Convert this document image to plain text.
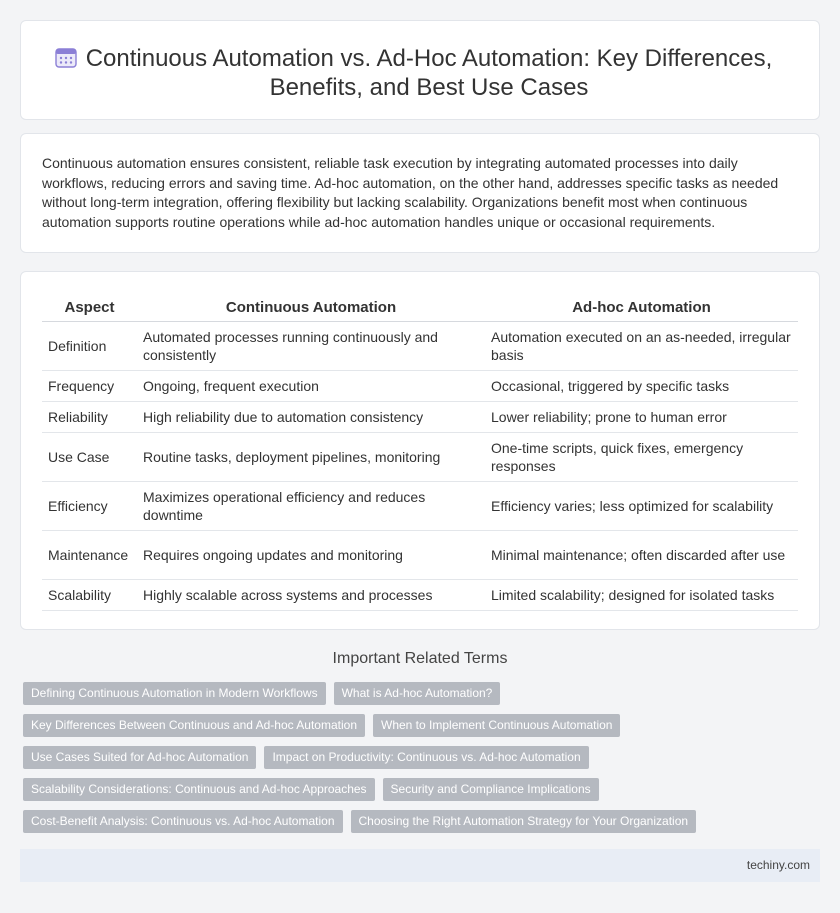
Continuous Automation vs. Ad-Hoc Automation: Key Differences, Benefits, and Best Use Cases

Continuous automation ensures consistent, reliable task execution by integrating automated processes into daily workflows, reducing errors and saving time. Ad-hoc automation, on the other hand, addresses specific tasks as needed without long-term integration, offering flexibility but lacking scalability. Organizations benefit most when continuous automation supports routine operations while ad-hoc automation handles unique or occasional requirements.

Aspect	Continuous Automation	Ad-hoc Automation
Definition	Automated processes running continuously and consistently	Automation executed on an as-needed, irregular basis
Frequency	Ongoing, frequent execution	Occasional, triggered by specific tasks
Reliability	High reliability due to automation consistency	Lower reliability; prone to human error
Use Case	Routine tasks, deployment pipelines, monitoring	One-time scripts, quick fixes, emergency responses
Efficiency	Maximizes operational efficiency and reduces downtime	Efficiency varies; less optimized for scalability
Maintenance	Requires ongoing updates and monitoring	Minimal maintenance; often discarded after use
Scalability	Highly scalable across systems and processes	Limited scalability; designed for isolated tasks
Important Related Terms
Defining Continuous Automation in Modern Workflows	What is Ad-hoc Automation?
Key Differences Between Continuous and Ad-hoc Automation	When to Implement Continuous Automation
Use Cases Suited for Ad-hoc Automation	Impact on Productivity: Continuous vs. Ad-hoc Automation
Scalability Considerations: Continuous and Ad-hoc Approaches	Security and Compliance Implications
Cost-Benefit Analysis: Continuous vs. Ad-hoc Automation	Choosing the Right Automation Strategy for Your Organization
techiny.com
